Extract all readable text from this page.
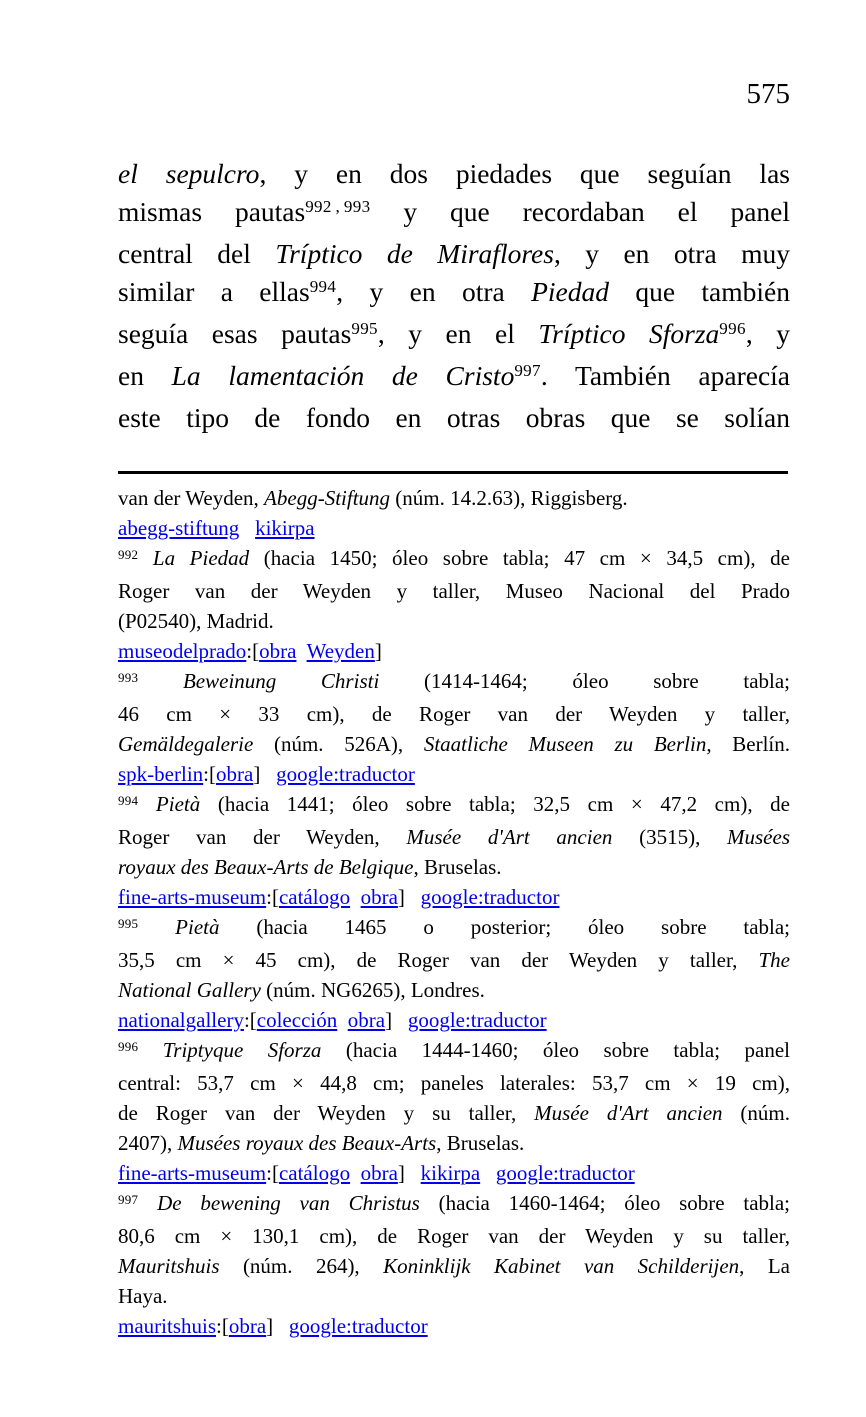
575
el sepulcro, y en dos piedades que seguían las
mismas pautas$^{992 , 993}$ y que recordaban el panel
central del Tríptico de Miraflores, y en otra muy
similar a ellas$^{994}$, y en otra Piedad que también
seguía esas pautas$^{995}$, y en el Tríptico Sforza$^{996}$, y
en La lamentación de Cristo$^{997}$. También aparecía
este tipo de fondo en otras obras que se solían
van der Weyden, Abegg-Stiftung (núm. 14.2.63), Riggisberg.
abegg-stiftung kikirpa
$^{992}$ La Piedad (hacia 1450; óleo sobre tabla; 47 cm × 34,5 cm), de
Roger van der Weyden y taller, Museo Nacional del Prado
(P02540), Madrid.
museodelprado:[obra Weyden]
$^{993}$ Beweinung Christi (1414-1464; óleo sobre tabla;
46 cm × 33 cm), de Roger van der Weyden y taller,
Gemäldegalerie (núm. 526A), Staatliche Museen zu Berlin, Berlín.
spk-berlin:[obra] google:traductor
$^{994}$ Pietà (hacia 1441; óleo sobre tabla; 32,5 cm × 47,2 cm), de
Roger van der Weyden, Musée d'Art ancien (3515), Musées
royaux des Beaux-Arts de Belgique, Bruselas.
fine-arts-museum:[catálogo obra] google:traductor
$^{995}$ Pietà (hacia 1465 o posterior; óleo sobre tabla;
35,5 cm × 45 cm), de Roger van der Weyden y taller, The
National Gallery (núm. NG6265), Londres.
nationalgallery:[colección obra] google:traductor
$^{996}$ Triptyque Sforza (hacia 1444-1460; óleo sobre tabla; panel
central: 53,7 cm × 44,8 cm; paneles laterales: 53,7 cm × 19 cm),
de Roger van der Weyden y su taller, Musée d'Art ancien (núm.
2407), Musées royaux des Beaux-Arts, Bruselas.
fine-arts-museum:[catálogo obra] kikirpa google:traductor
$^{997}$ De bewening van Christus (hacia 1460-1464; óleo sobre tabla;
80,6 cm × 130,1 cm), de Roger van der Weyden y su taller,
Mauritshuis (núm. 264), Koninklijk Kabinet van Schilderijen, La
Haya.
mauritshuis:[obra] google:traductor
